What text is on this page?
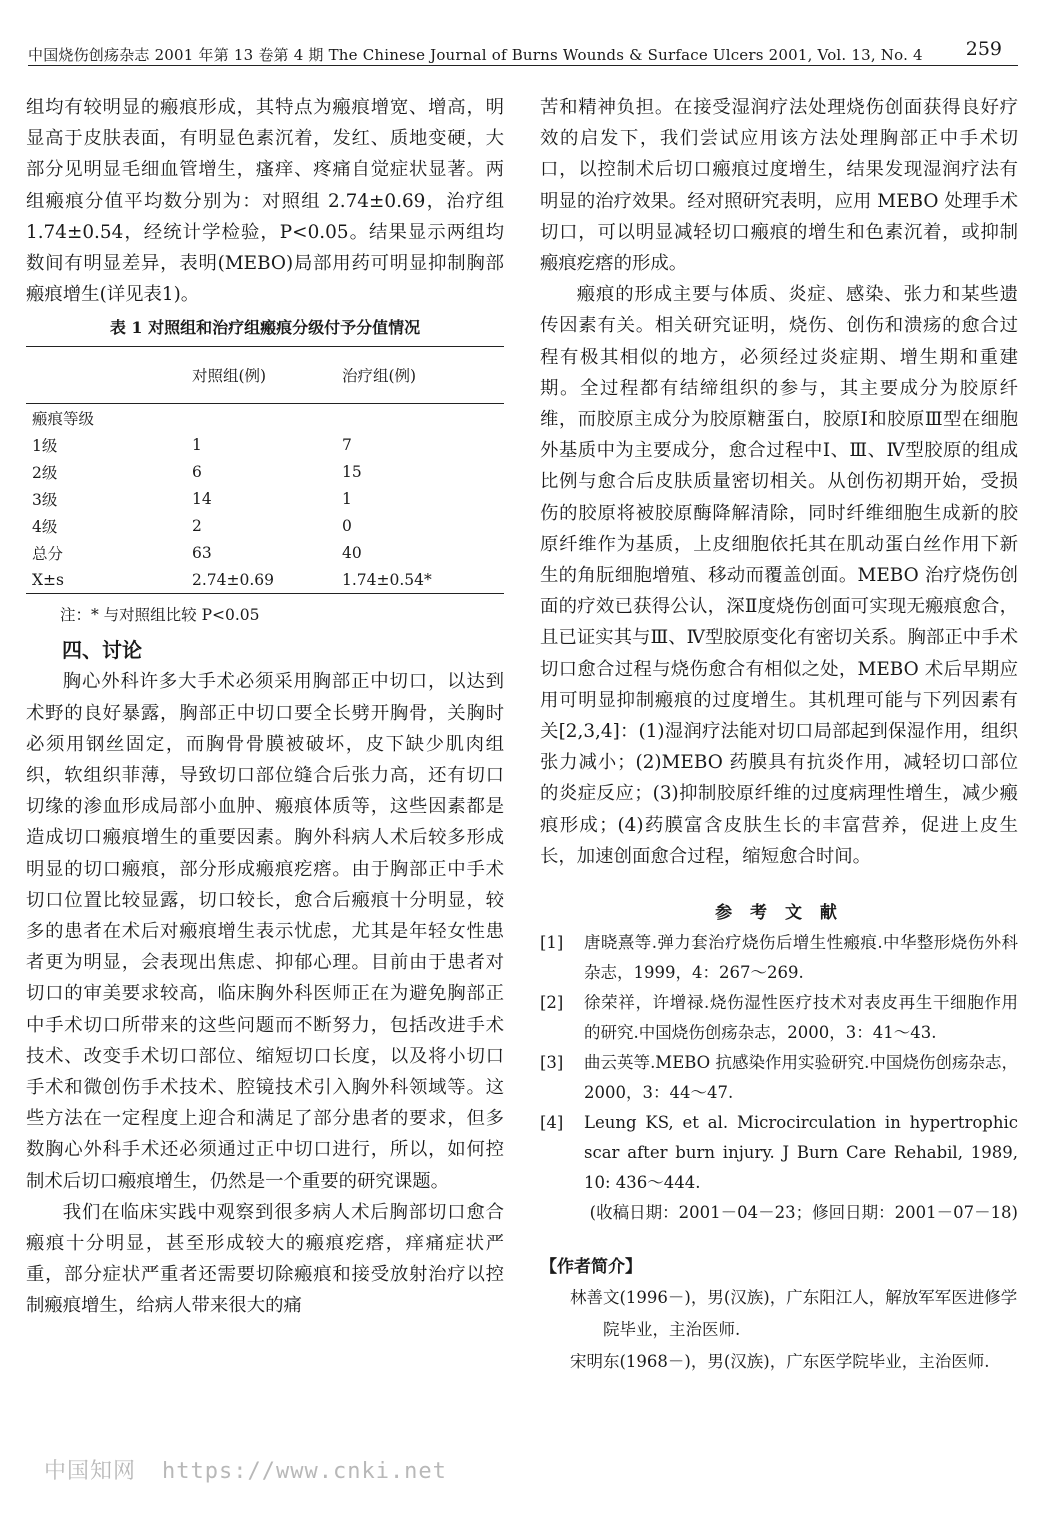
中国烧伤创疡杂志 2001 年第 13 卷第 4 期 The Chinese Journal of Burns Wounds & Surface Ulcers 2001, Vol. 13, No. 4 259

组均有较明显的瘢痕形成，其特点为瘢痕增宽、增高，明显高于皮肤表面，有明显色素沉着，发红、质地变硬，大部分见明显毛细血管增生，瘙痒、疼痛自觉症状显著。两组瘢痕分值平均数分别为：对照组 2.74±0.69，治疗组 1.74±0.54，经统计学检验，P<0.05。结果显示两组均数间有明显差异，表明(MEBO)局部用药可明显抑制胸部瘢痕增生(详见表1)。

表 1 对照组和治疗组瘢痕分级付予分值情况
	对照组(例)	治疗组(例)
瘢痕等级		
1级	1	7
2级	6	15
3级	14	1
4级	2	0
总分	63	40
X±s	2.74±0.69	1.74±0.54*
注：* 与对照组比较 P<0.05
四、讨论

胸心外科许多大手术必须采用胸部正中切口，以达到术野的良好暴露，胸部正中切口要全长劈开胸骨，关胸时必须用钢丝固定，而胸骨骨膜被破坏，皮下缺少肌肉组织，软组织菲薄，导致切口部位缝合后张力高，还有切口切缘的渗血形成局部小血肿、瘢痕体质等，这些因素都是造成切口瘢痕增生的重要因素。胸外科病人术后较多形成明显的切口瘢痕，部分形成瘢痕疙瘩。由于胸部正中手术切口位置比较显露，切口较长，愈合后瘢痕十分明显，较多的患者在术后对瘢痕增生表示忧虑，尤其是年轻女性患者更为明显，会表现出焦虑、抑郁心理。目前由于患者对切口的审美要求较高，临床胸外科医师正在为避免胸部正中手术切口所带来的这些问题而不断努力，包括改进手术技术、改变手术切口部位、缩短切口长度，以及将小切口手术和微创伤手术技术、腔镜技术引入胸外科领域等。这些方法在一定程度上迎合和满足了部分患者的要求，但多数胸心外科手术还必须通过正中切口进行，所以，如何控制术后切口瘢痕增生，仍然是一个重要的研究课题。

我们在临床实践中观察到很多病人术后胸部切口愈合瘢痕十分明显，甚至形成较大的瘢痕疙瘩，痒痛症状严重，部分症状严重者还需要切除瘢痕和接受放射治疗以控制瘢痕增生，给病人带来很大的痛

苦和精神负担。在接受湿润疗法处理烧伤创面获得良好疗效的启发下，我们尝试应用该方法处理胸部正中手术切口，以控制术后切口瘢痕过度增生，结果发现湿润疗法有明显的治疗效果。经对照研究表明，应用 MEBO 处理手术切口，可以明显减轻切口瘢痕的增生和色素沉着，或抑制瘢痕疙瘩的形成。

瘢痕的形成主要与体质、炎症、感染、张力和某些遗传因素有关。相关研究证明，烧伤、创伤和溃疡的愈合过程有极其相似的地方，必须经过炎症期、增生期和重建期。全过程都有结缔组织的参与，其主要成分为胶原纤维，而胶原主成分为胶原糖蛋白，胶原Ⅰ和胶原Ⅲ型在细胞外基质中为主要成分，愈合过程中Ⅰ、Ⅲ、Ⅳ型胶原的组成比例与愈合后皮肤质量密切相关。从创伤初期开始，受损伤的胶原将被胶原酶降解清除，同时纤维细胞生成新的胶原纤维作为基质，上皮细胞依托其在肌动蛋白丝作用下新生的角朊细胞增殖、移动而覆盖创面。MEBO 治疗烧伤创面的疗效已获得公认，深Ⅱ度烧伤创面可实现无瘢痕愈合，且已证实其与Ⅲ、Ⅳ型胶原变化有密切关系。胸部正中手术切口愈合过程与烧伤愈合有相似之处，MEBO 术后早期应用可明显抑制瘢痕的过度增生。其机理可能与下列因素有关[2,3,4]：(1)湿润疗法能对切口局部起到保湿作用，组织张力减小；(2)MEBO 药膜具有抗炎作用，减轻切口部位的炎症反应；(3)抑制胶原纤维的过度病理性增生，减少瘢痕形成；(4)药膜富含皮肤生长的丰富营养，促进上皮生长，加速创面愈合过程，缩短愈合时间。

参 考 文 献
[1] 唐晓熹等.弹力套治疗烧伤后增生性瘢痕.中华整形烧伤外科杂志，1999，4：267～269.
[2] 徐荣祥，许增禄.烧伤湿性医疗技术对表皮再生干细胞作用的研究.中国烧伤创疡杂志，2000，3：41～43.
[3] 曲云英等.MEBO 抗感染作用实验研究.中国烧伤创疡杂志，2000，3：44～47.
[4] Leung KS, et al. Microcirculation in hypertrophic scar after burn injury. J Burn Care Rehabil, 1989, 10: 436～444.
(收稿日期：2001－04－23；修回日期：2001－07－18)
【作者简介】
林善文(1996－)，男(汉族)，广东阳江人，解放军军医进修学院毕业，主治医师.
宋明东(1968－)，男(汉族)，广东医学院毕业，主治医师.
中国知网 https://www.cnki.net
